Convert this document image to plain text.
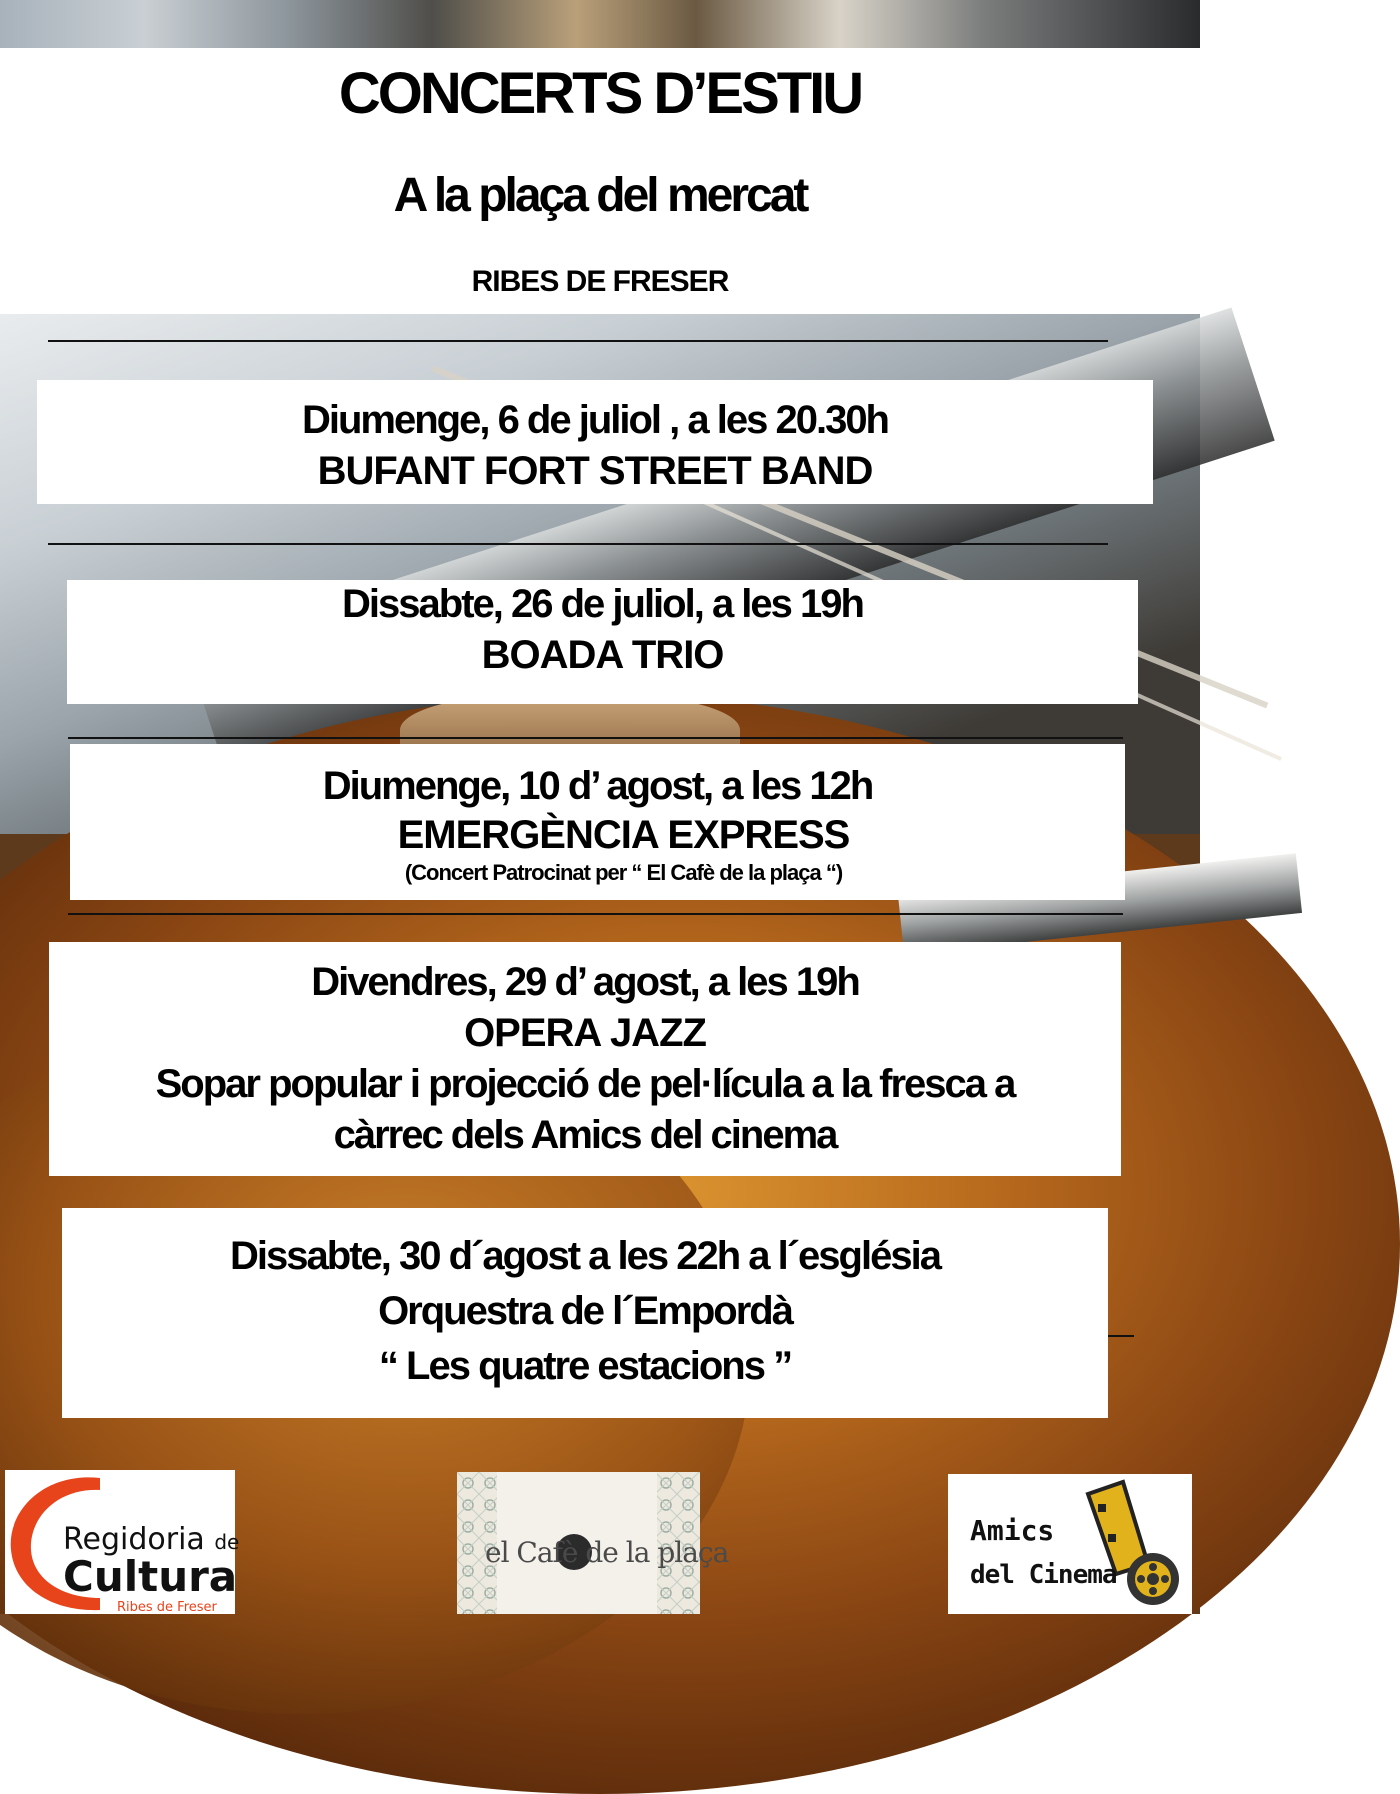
CONCERTS D’ESTIU
A la plaça del mercat
RIBES DE FRESER
Diumenge, 6 de juliol , a les 20.30h
BUFANT FORT STREET BAND
Dissabte, 26 de juliol, a les 19h
BOADA TRIO
Diumenge, 10 d’ agost, a les 12h
EMERGÈNCIA EXPRESS
(Concert Patrocinat per “ El Cafè de la plaça “)
Divendres, 29 d’ agost, a les 19h
OPERA JAZZ
Sopar popular i projecció de pel·lícula a la fresca a
càrrec dels Amics del cinema
Dissabte, 30 d´agost a les 22h a l´església
Orquestra de l´Empordà
“ Les quatre estacions ”
Regidoria de
Cultura
Ribes de Freser
el Cafè de la plaça
Amics
del Cinema
